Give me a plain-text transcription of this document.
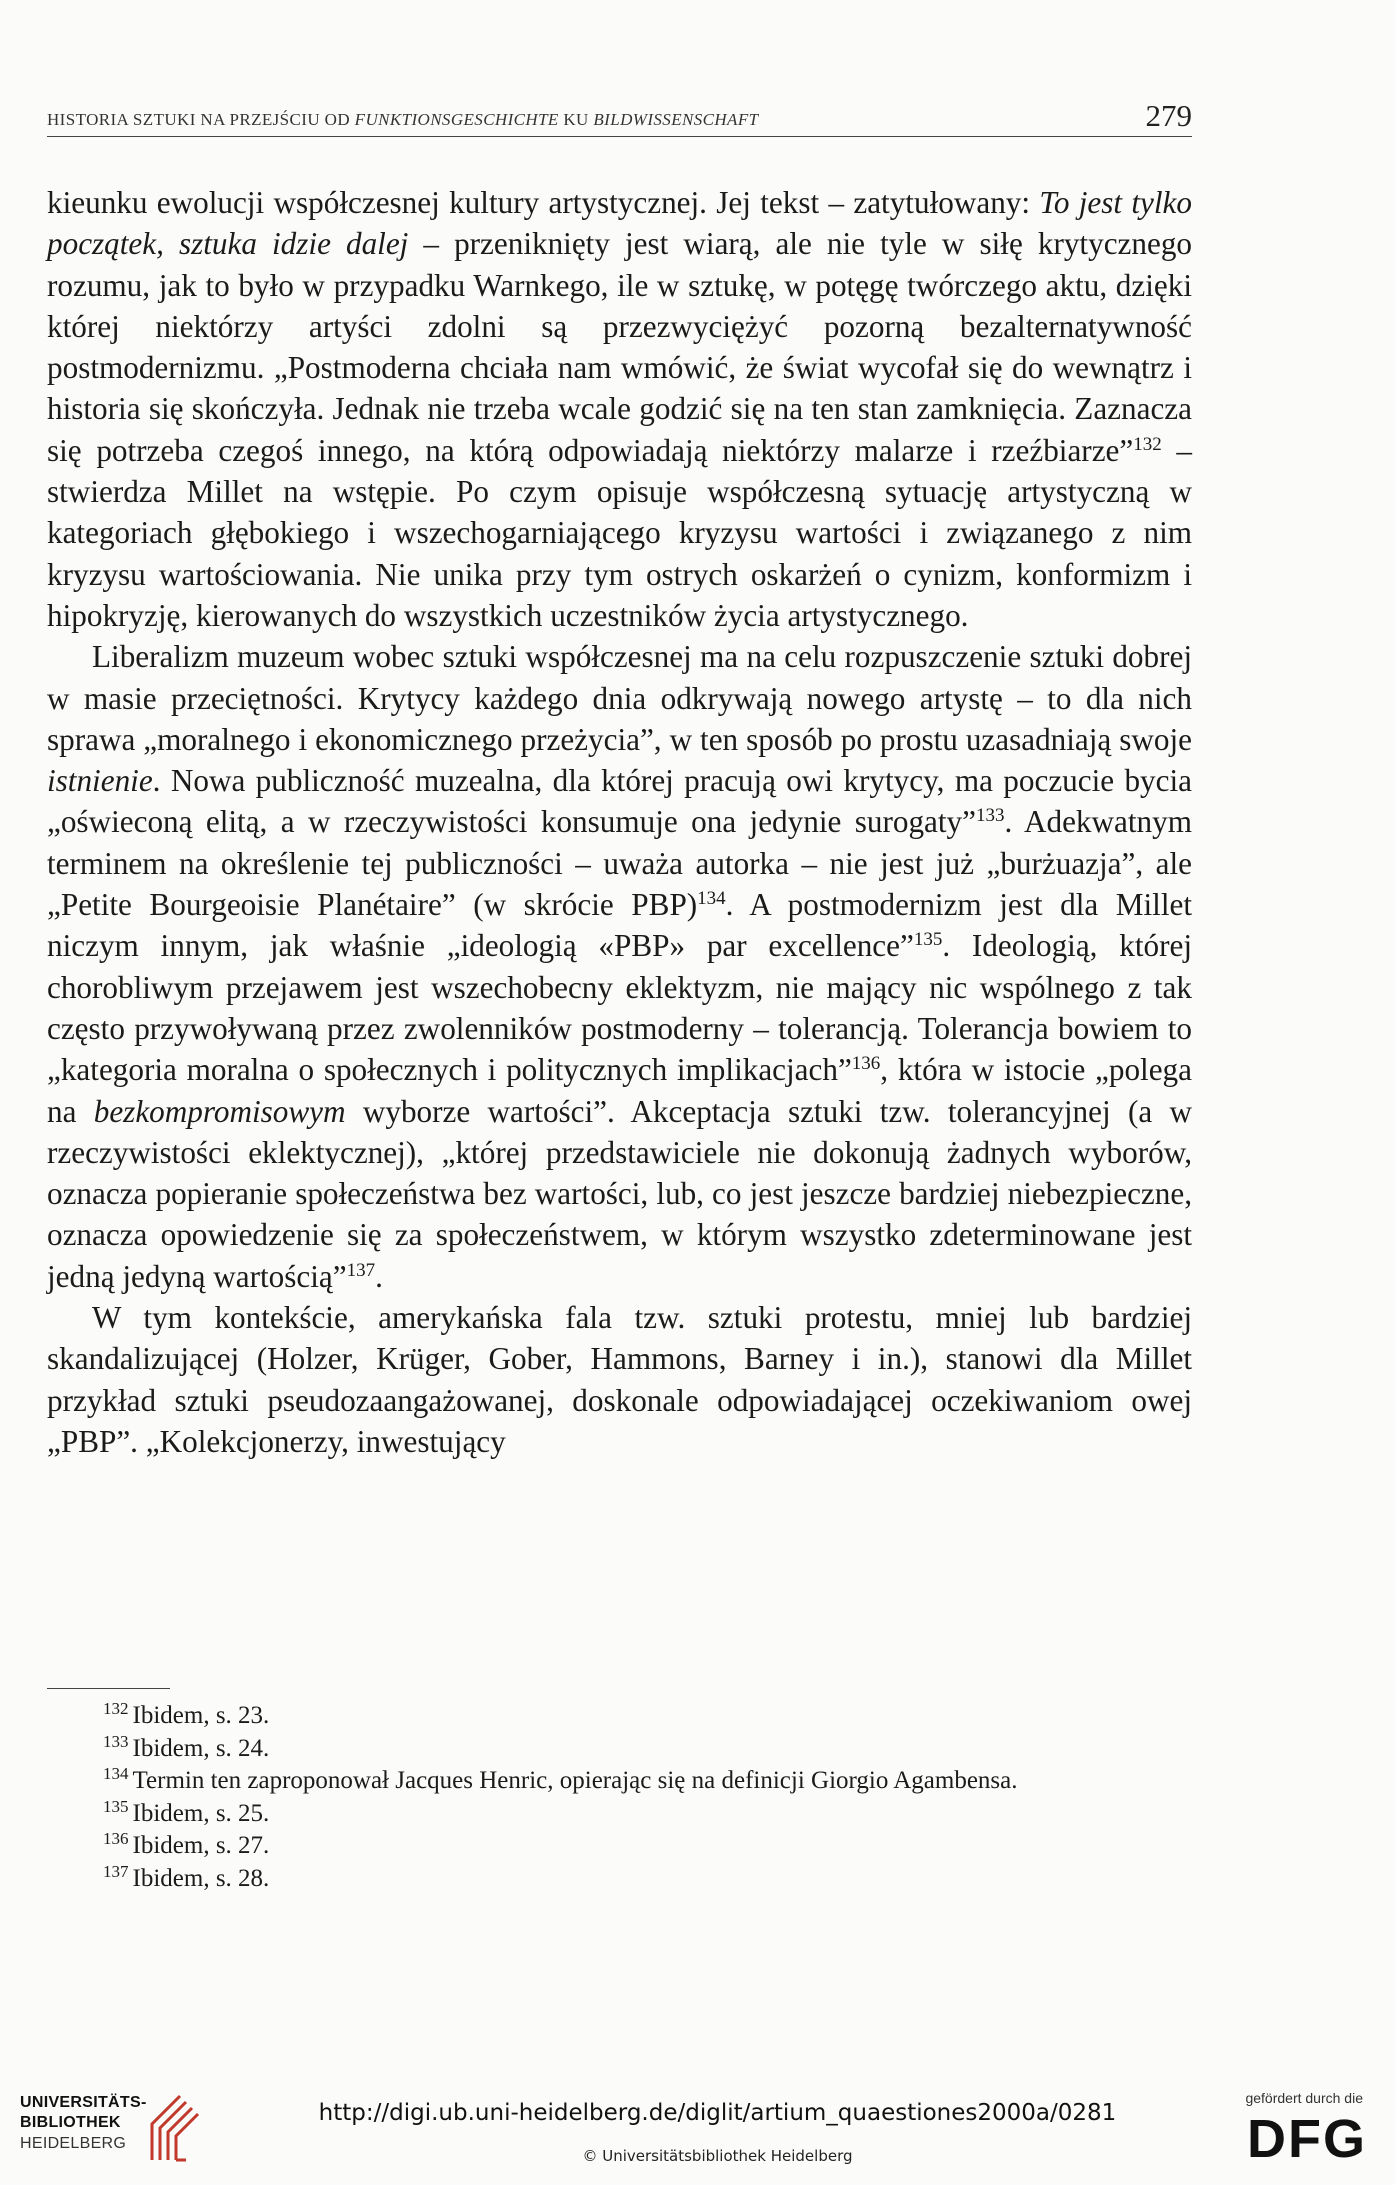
HISTORIA SZTUKI NA PRZEJŚCIU OD FUNKTIONSGESCHICHTE KU BILDWISSENSCHAFT	279

kieunku ewolucji współczesnej kultury artystycznej. Jej tekst – zatytułowany: To jest tylko początek, sztuka idzie dalej – przeniknięty jest wiarą, ale nie tyle w siłę krytycznego rozumu, jak to było w przypadku Warnkego, ile w sztukę, w potęgę twórczego aktu, dzięki której niektórzy artyści zdolni są przezwyciężyć pozorną bezalternatywność postmodernizmu. „Postmoderna chciała nam wmówić, że świat wycofał się do wewnątrz i historia się skończyła. Jednak nie trzeba wcale godzić się na ten stan zamknięcia. Zaznacza się potrzeba czegoś innego, na którą odpowiadają niektórzy malarze i rzeźbiarze”$^{132}$ – stwierdza Millet na wstępie. Po czym opisuje współczesną sytuację artystyczną w kategoriach głębokiego i wszechogarniającego kryzysu wartości i związanego z nim kryzysu wartościowania. Nie unika przy tym ostrych oskarżeń o cynizm, konformizm i hipokryzję, kierowanych do wszystkich uczestników życia artystycznego.

Liberalizm muzeum wobec sztuki współczesnej ma na celu rozpuszczenie sztuki dobrej w masie przeciętności. Krytycy każdego dnia odkrywają nowego artystę – to dla nich sprawa „moralnego i ekonomicznego przeżycia”, w ten sposób po prostu uzasadniają swoje istnienie. Nowa publiczność muzealna, dla której pracują owi krytycy, ma poczucie bycia „oświeconą elitą, a w rzeczywistości konsumuje ona jedynie surogaty”$^{133}$. Adekwatnym terminem na określenie tej publiczności – uważa autorka – nie jest już „burżuazja”, ale „Petite Bourgeoisie Planétaire” (w skrócie PBP)$^{134}$. A postmodernizm jest dla Millet niczym innym, jak właśnie „ideologią «PBP» par excellence”$^{135}$. Ideologią, której chorobliwym przejawem jest wszechobecny eklektyzm, nie mający nic wspólnego z tak często przywoływaną przez zwolenników postmoderny – tolerancją. Tolerancja bowiem to „kategoria moralna o społecznych i politycznych implikacjach”$^{136}$, która w istocie „polega na bezkompromisowym wyborze wartości”. Akceptacja sztuki tzw. tolerancyjnej (a w rzeczywistości eklektycznej), „której przedstawiciele nie dokonują żadnych wyborów, oznacza popieranie społeczeństwa bez wartości, lub, co jest jeszcze bardziej niebezpieczne, oznacza opowiedzenie się za społeczeństwem, w którym wszystko zdeterminowane jest jedną jedyną wartością”$^{137}$.

W tym kontekście, amerykańska fala tzw. sztuki protestu, mniej lub bardziej skandalizującej (Holzer, Krüger, Gober, Hammons, Barney i in.), stanowi dla Millet przykład sztuki pseudozaangażowanej, doskonale odpowiadającej oczekiwaniom owej „PBP”. „Kolekcjonerzy, inwestujący

$^{132}$ Ibidem, s. 23.

$^{133}$ Ibidem, s. 24.

$^{134}$ Termin ten zaproponował Jacques Henric, opierając się na definicji Giorgio Agambensa.

$^{135}$ Ibidem, s. 25.

$^{136}$ Ibidem, s. 27.

$^{137}$ Ibidem, s. 28.

UNIVERSITÄTS-
BIBLIOTHEK
HEIDELBERG
http://digi.ub.uni-heidelberg.de/diglit/artium_quaestiones2000a/0281
© Universitätsbibliothek Heidelberg
gefördert durch die
DFG
